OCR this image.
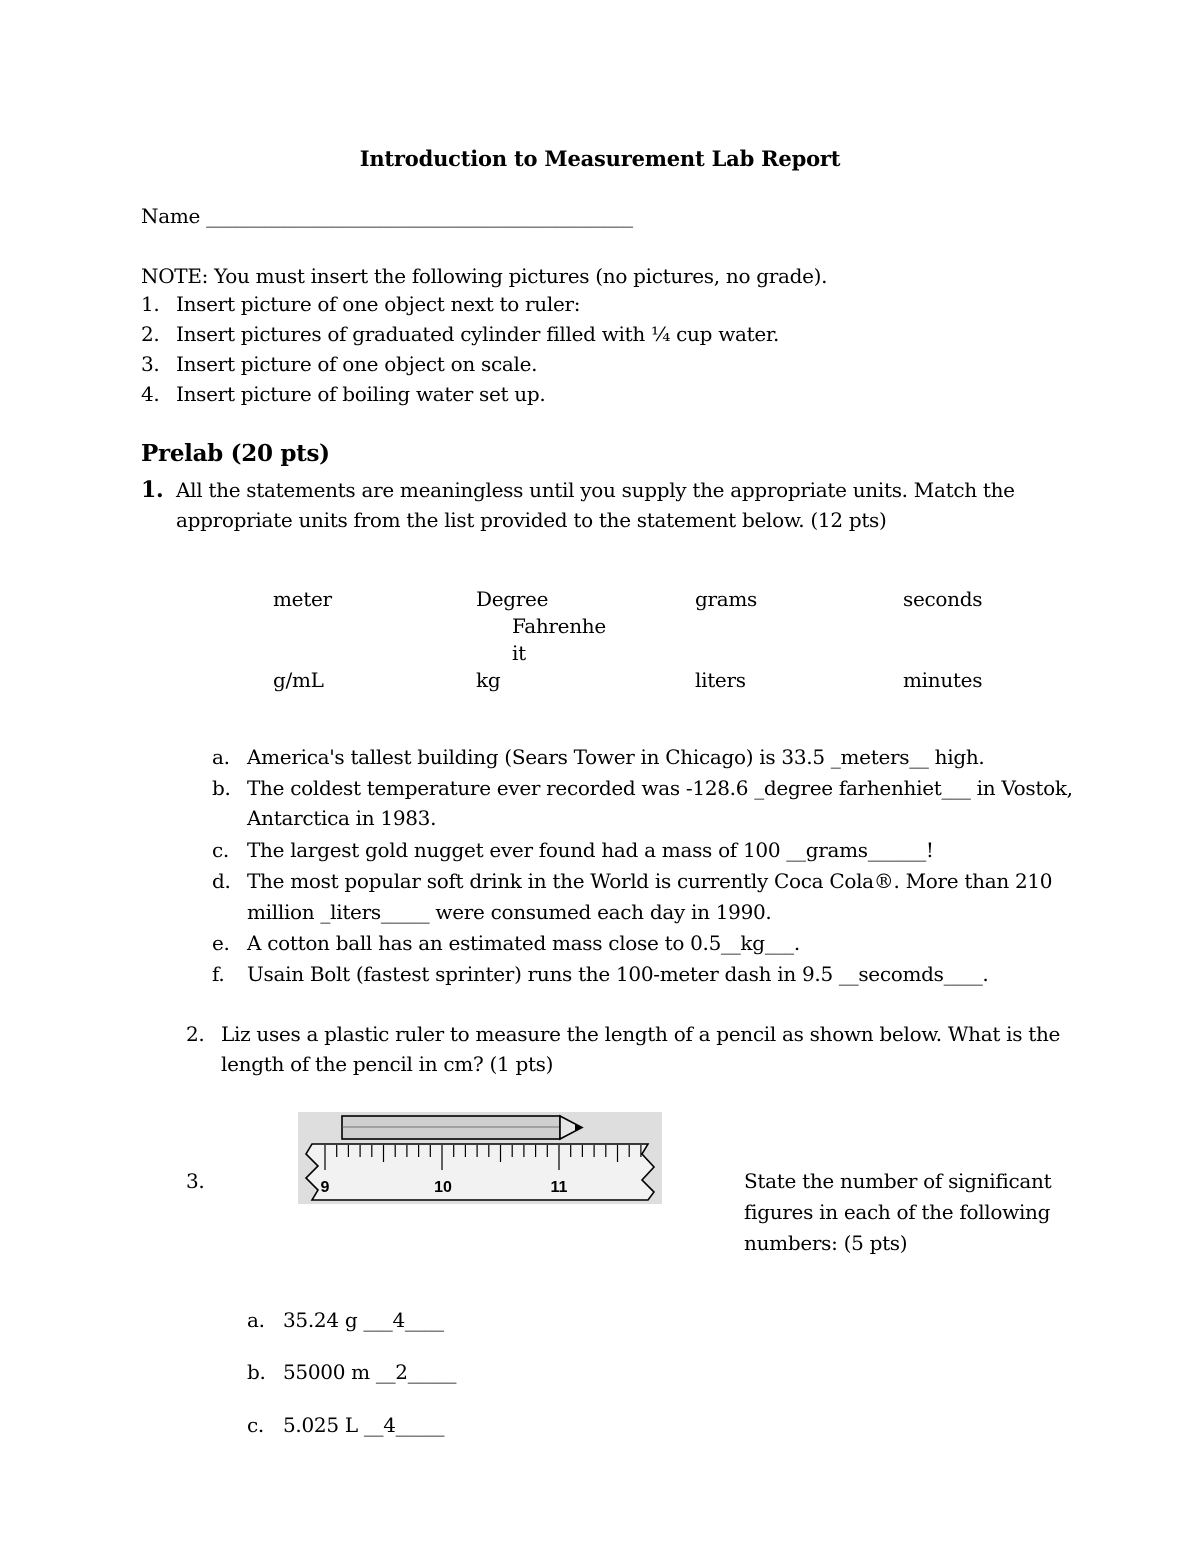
Introduction to Measurement Lab Report
Name ____________________________________________
NOTE: You must insert the following pictures (no pictures, no grade).
1. Insert picture of one object next to ruler:
2. Insert pictures of graduated cylinder filled with ¼ cup water.
3. Insert picture of one object on scale.
4. Insert picture of boiling water set up.
Prelab (20 pts)
1. All the statements are meaningless until you supply the appropriate units. Match the
appropriate units from the list provided to the statement below. (12 pts)
meter	Degree	grams	seconds
Fahrenhe
it
g/mL	kg	liters	minutes
a. America's tallest building (Sears Tower in Chicago) is 33.5 _meters__ high.
b. The coldest temperature ever recorded was -128.6 _degree farhenhiet___ in Vostok,
Antarctica in 1983.
c. The largest gold nugget ever found had a mass of 100 __grams______!
d. The most popular soft drink in the World is currently Coca Cola®. More than 210
million _liters_____ were consumed each day in 1990.
e. A cotton ball has an estimated mass close to 0.5__kg___.
f. Usain Bolt (fastest sprinter) runs the 100-meter dash in 9.5 __secomds____.
2. Liz uses a plastic ruler to measure the length of a pencil as shown below. What is the
length of the pencil in cm? (1 pts)
9	10	11
3.	State the number of significant
figures in each of the following
numbers: (5 pts)
a. 35.24 g ___4____
b. 55000 m __2_____
c. 5.025 L __4_____
